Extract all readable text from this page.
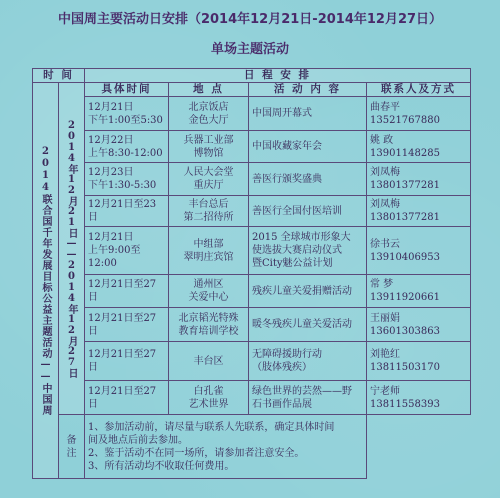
中国周主要活动日安排（2014年12月21日-2014年12月27日）
单场主题活动
时 间		日 程 安 排			
2014联合国千年发展目标公益主题活动——中国周	2014年12月21日——2014年12月27日	具体时间	地 点	活 动 内 容	联系人及方式

		12月21日
下午1:00至5:30	北京饭店
金色大厅	中国周开幕式	曲春平
13521767880

		12月22日
上午8:30-12:00	兵器工业部
博物馆	中国收藏家年会	姚 政
13901148285

		12月23日
下午1:30-5:30	人民大会堂
重庆厅	善医行颁奖盛典	刘凤梅
13801377281

		12月21日至23日	丰台总后
第二招待所	善医行全国付医培训	刘凤梅
13801377281

		12月21日
上午9:00至12:00	中组部
翠明庄宾馆	2015 全球城市形象大
使选拔大赛启动仪式
暨City魅公益计划	徐书云
13910406953

		12月21日至27日	通州区
关爱中心	残疾儿童关爱捐赠活动	常 梦
13911920661

		12月21日至27日	北京韬光特殊
教育培训学校	暖冬残疾儿童关爱活动	王丽娟
13601303863

		12月21日至27日	丰台区	无障碍援助行动
（肢体残疾）	刘艳红
13811503170

		12月21日至27日	白孔雀
艺术世界	绿色世界的芸然——野
石书画作品展	宁老师
13811558393

	备 注	1、参加活动前，请尽量与联系人先联系，确定具体时间
间及地点后前去参加。
2、鉴于活动不在同一场所，请参加者注意安全。
3、所有活动均不收取任何费用。			
